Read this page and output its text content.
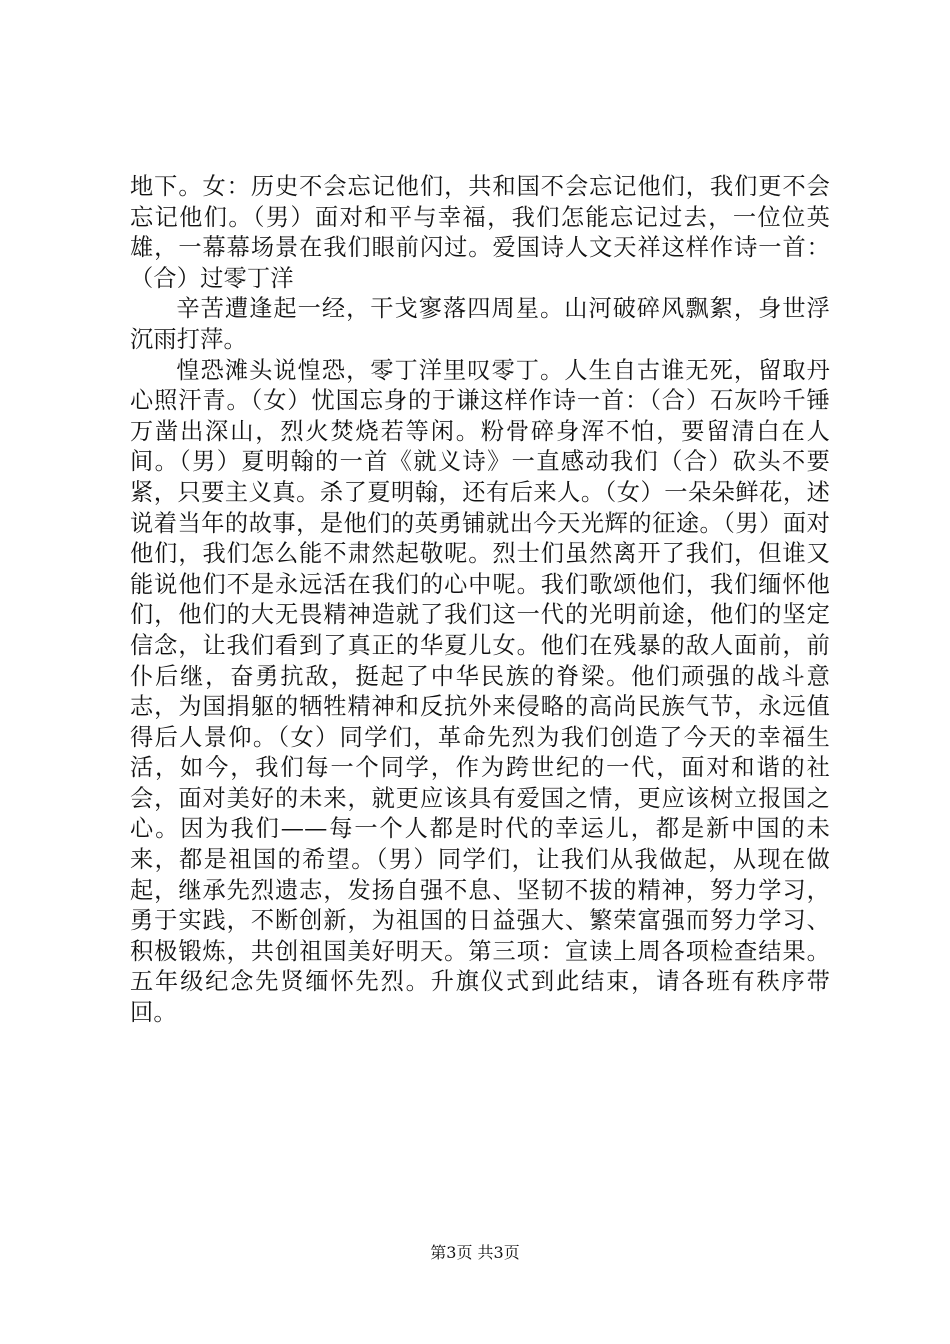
地下。女：历史不会忘记他们，共和国不会忘记他们，我们更不会忘记他们。（男）面对和平与幸福，我们怎能忘记过去，一位位英雄，一幕幕场景在我们眼前闪过。爱国诗人文天祥这样作诗一首：（合）过零丁洋

辛苦遭逢起一经，干戈寥落四周星。山河破碎风飘絮，身世浮沉雨打萍。

惶恐滩头说惶恐，零丁洋里叹零丁。人生自古谁无死，留取丹心照汗青。（女）忧国忘身的于谦这样作诗一首：（合）石灰吟千锤万凿出深山，烈火焚烧若等闲。粉骨碎身浑不怕，要留清白在人间。（男）夏明翰的一首《就义诗》一直感动我们（合）砍头不要紧，只要主义真。杀了夏明翰，还有后来人。（女）一朵朵鲜花，述说着当年的故事，是他们的英勇铺就出今天光辉的征途。（男）面对他们，我们怎么能不肃然起敬呢。烈士们虽然离开了我们，但谁又能说他们不是永远活在我们的心中呢。我们歌颂他们，我们缅怀他们，他们的大无畏精神造就了我们这一代的光明前途，他们的坚定信念，让我们看到了真正的华夏儿女。他们在残暴的敌人面前，前仆后继，奋勇抗敌，挺起了中华民族的脊梁。他们顽强的战斗意志，为国捐躯的牺牲精神和反抗外来侵略的高尚民族气节，永远值得后人景仰。（女）同学们，革命先烈为我们创造了今天的幸福生活，如今，我们每一个同学，作为跨世纪的一代，面对和谐的社会，面对美好的未来，就更应该具有爱国之情，更应该树立报国之心。因为我们——每一个人都是时代的幸运儿，都是新中国的未来，都是祖国的希望。（男）同学们，让我们从我做起，从现在做起，继承先烈遗志，发扬自强不息、坚韧不拔的精神，努力学习，勇于实践，不断创新，为祖国的日益强大、繁荣富强而努力学习、积极锻炼，共创祖国美好明天。第三项：宣读上周各项检查结果。五年级纪念先贤缅怀先烈。升旗仪式到此结束，请各班有秩序带回。

第3页 共3页
